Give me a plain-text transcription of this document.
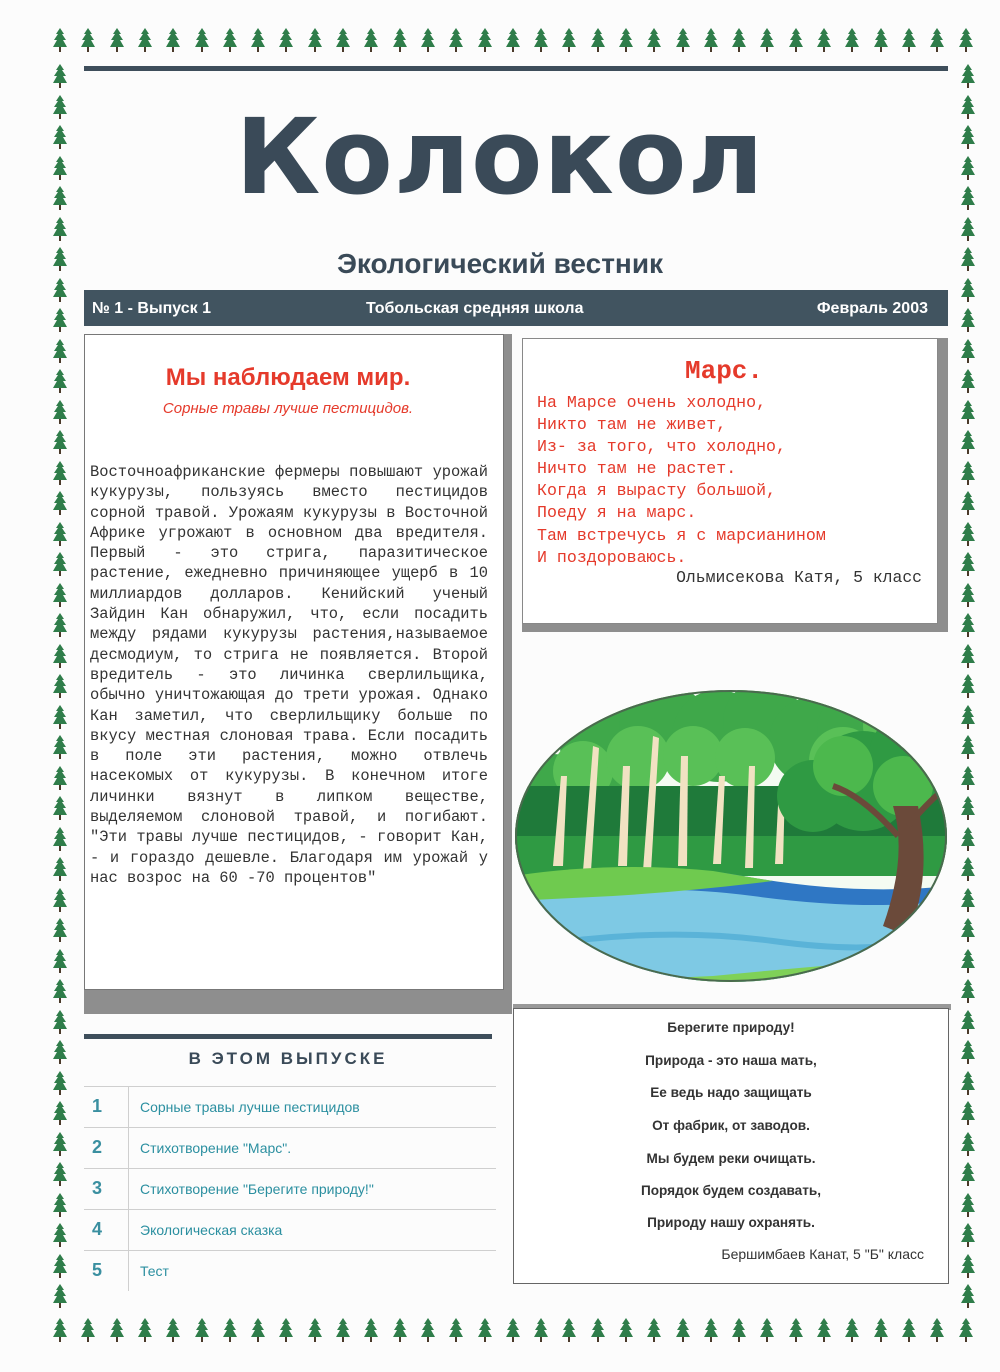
Колокол
Экологический вестник
№ 1 - Выпуск 1	Тобольская средняя школа	Февраль 2003
Мы наблюдаем мир.
Сорные травы лучше пестицидов.

Восточноафриканские фермеры повышают урожай кукурузы, пользуясь вместо пестицидов сорной травой. Урожаям кукурузы в Восточной Африке угрожают в основном два вредителя. Первый - это стрига, паразитическое растение, ежедневно причиняющее ущерб в 10 миллиардов долларов. Кенийский ученый Зайдин Кан обнаружил, что, если посадить между рядами кукурузы растения,называемое десмодиум, то стрига не появляется. Второй вредитель - это личинка сверлильщика, обычно уничтожающая до трети урожая. Однако Кан заметил, что сверлильщику больше по вкусу местная слоновая трава. Если посадить в поле эти растения, можно отвлечь насекомых от кукурузы. В конечном итоге личинки вязнут в липком веществе, выделяемом слоновой травой, и погибают. "Эти травы лучше пестицидов, - говорит Кан, - и гораздо дешевле. Благодаря им урожай у нас возрос на 60 -70 процентов"

Марс.
На Марсе очень холодно,
Никто там не живет,
Из- за того, что холодно,
Ничто там не растет.
Когда я вырасту большой,
Поеду я на марс.
Там встречусь я с марсианином
И поздороваюсь.
Ольмисекова Катя, 5 класс
В ЭТОМ ВЫПУСКЕ
1	Сорные травы лучше пестицидов
2	Стихотворение "Марс".
3	Стихотворение "Берегите природу!"
4	Экологическая сказка
5	Тест
Берегите природу!
Природа - это наша мать,
Ее ведь надо защищать
От фабрик, от заводов.
Мы будем реки очищать.
Порядок будем создавать,
Природу нашу охранять.
Бершимбаев Канат, 5 "Б" класс
